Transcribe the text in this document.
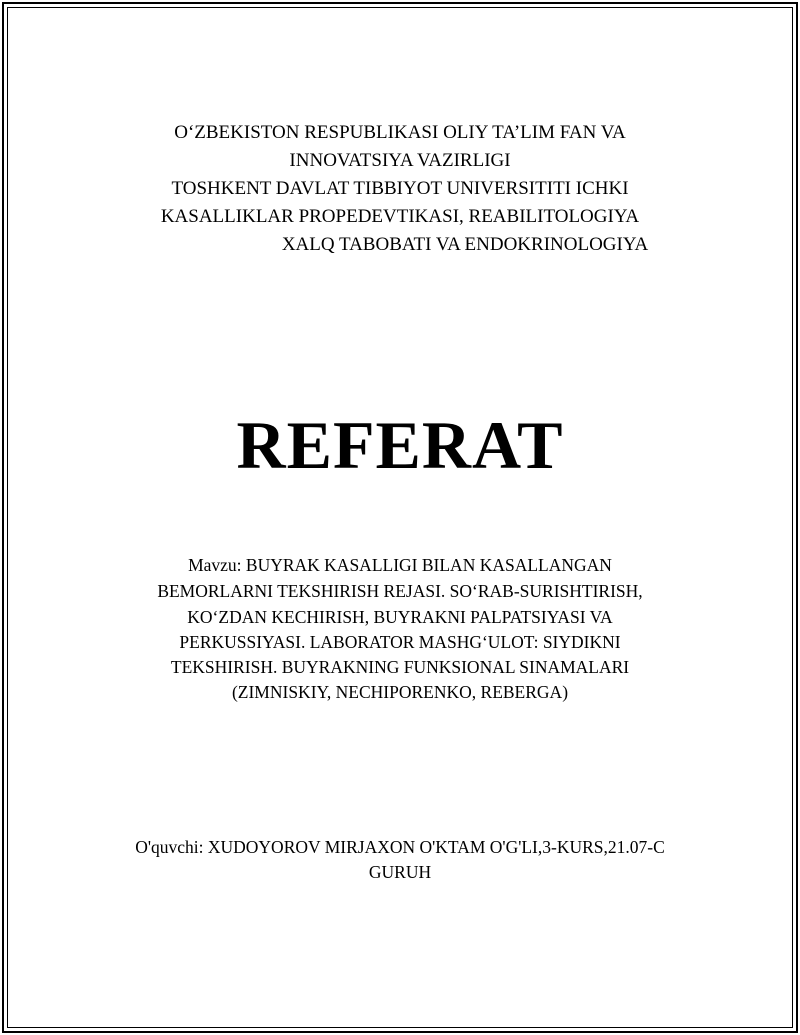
O‘ZBEKISTON RESPUBLIKASI OLIY TA’LIM FAN VA
INNOVATSIYA VAZIRLIGI
TOSHKENT DAVLAT TIBBIYOT UNIVERSITITI ICHKI
KASALLIKLAR PROPEDEVTIKASI, REABILITOLOGIYA
XALQ TABOBATI VA ENDOKRINOLOGIYA
REFERAT
Mavzu: BUYRAK KASALLIGI BILAN KASALLANGAN
BEMORLARNI TEKSHIRISH REJASI. SO‘RAB-SURISHTIRISH,
KO‘ZDAN KECHIRISH, BUYRAKNI PALPATSIYASI VA
PERKUSSIYASI. LABORATOR MASHG‘ULOT: SIYDIKNI
TEKSHIRISH. BUYRAKNING FUNKSIONAL SINAMALARI
(ZIMNISKIY, NECHIPORENKO, REBERGA)
O'quvchi: XUDOYOROV MIRJAXON O'KTAM O'G'LI,3-KURS,21.07-C
GURUH
